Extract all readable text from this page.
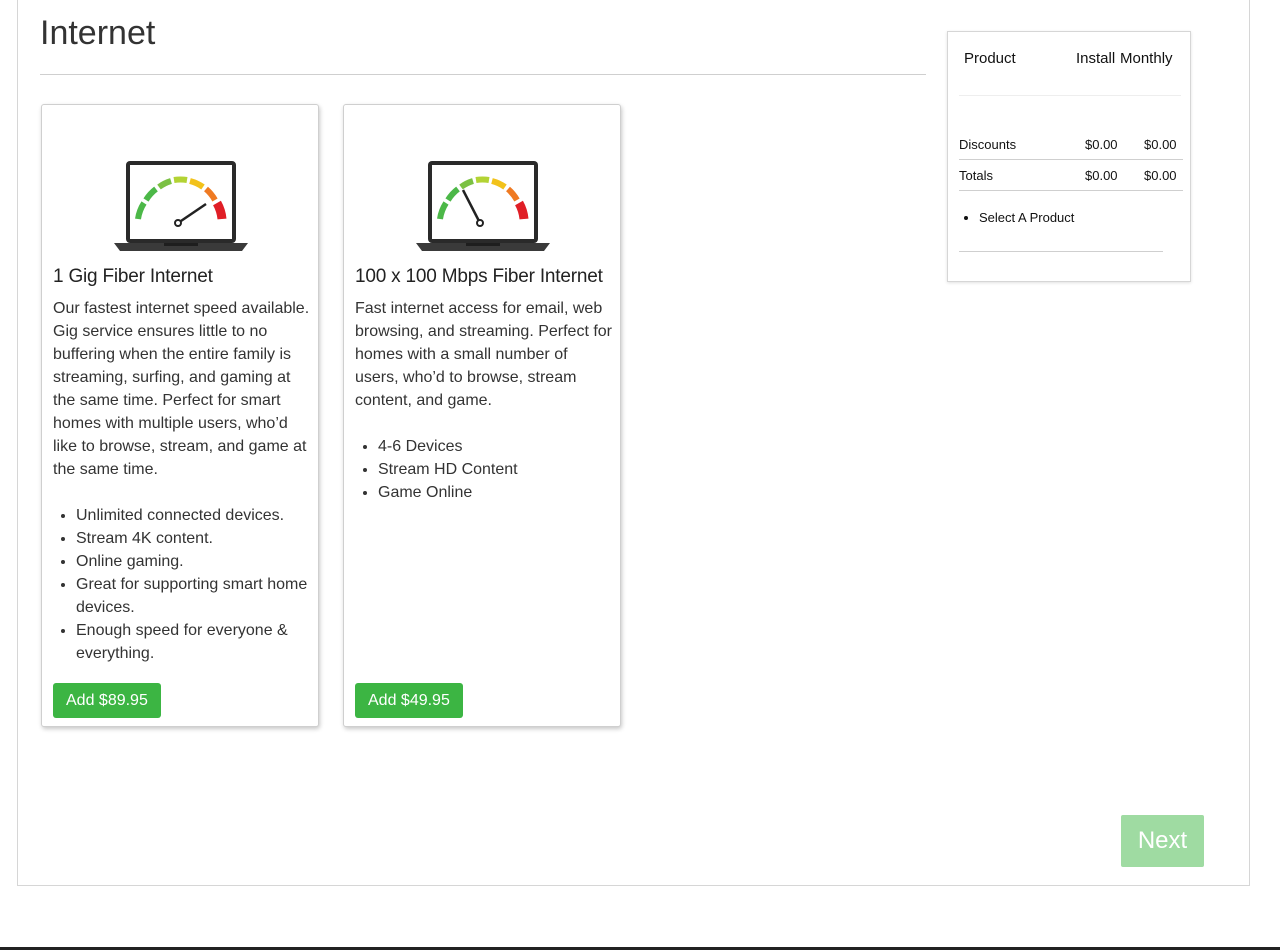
Internet
1 Gig Fiber Internet
Our fastest internet speed available. Gig service ensures little to no buffering when the entire family is streaming, surfing, and gaming at the same time. Perfect for smart homes with multiple users, who’d like to browse, stream, and game at the same time.
• Unlimited connected devices.
• Stream 4K content.
• Online gaming.
• Great for supporting smart home devices.
• Enough speed for everyone & everything.
Add $89.95
100 x 100 Mbps Fiber Internet
Fast internet access for email, web browsing, and streaming. Perfect for homes with a small number of users, who’d to browse, stream content, and game.
• 4-6 Devices
• Stream HD Content
• Game Online
Add $49.95
Product	Install Monthly
Discounts	$0.00 $0.00
Totals	$0.00 $0.00
• Select A Product
Next
